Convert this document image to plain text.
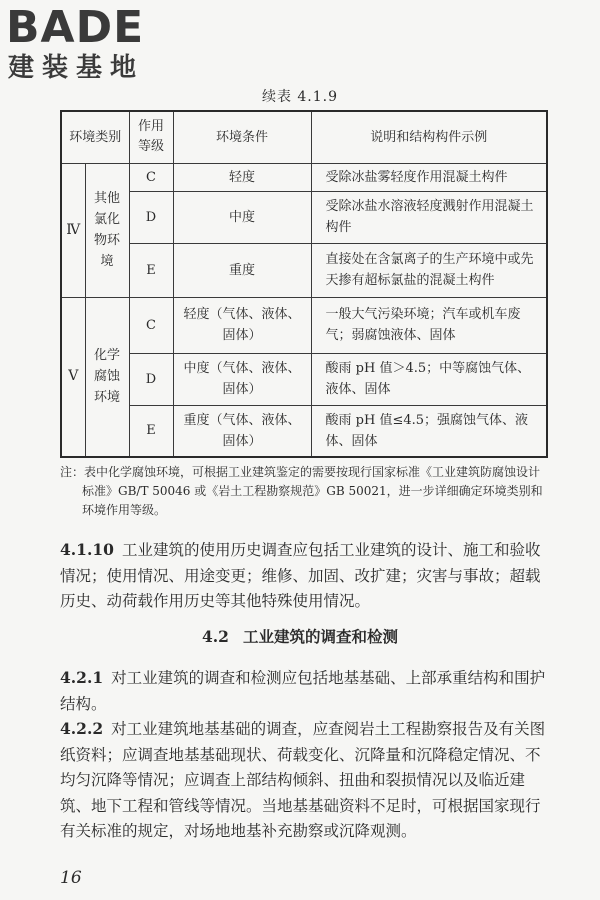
BADE
建装基地
续表 4.1.9
环境类别		作用等级	环境条件	说明和结构构件示例
Ⅳ	其他氯化物环境	C	轻度	受除冰盐雾轻度作用混凝土构件
		D	中度	受除冰盐水溶液轻度溅射作用混凝土构件
		E	重度	直接处在含氯离子的生产环境中或先天掺有超标氯盐的混凝土构件
Ⅴ	化学腐蚀环境	C	轻度（气体、液体、固体）	一般大气污染环境；汽车或机车废气；弱腐蚀液体、固体
		D	中度（气体、液体、固体）	酸雨 pH 值＞4.5；中等腐蚀气体、液体、固体
		E	重度（气体、液体、固体）	酸雨 pH 值≤4.5；强腐蚀气体、液体、固体
注： 表中化学腐蚀环境，可根据工业建筑鉴定的需要按现行国家标准《工业建筑防腐蚀设计标准》GB/T 50046 或《岩土工程勘察规范》GB 50021，进一步详细确定环境类别和环境作用等级。
4.1.10 工业建筑的使用历史调查应包括工业建筑的设计、施工和验收情况；使用情况、用途变更；维修、加固、改扩建；灾害与事故；超载历史、动荷载作用历史等其他特殊使用情况。
4.2 工业建筑的调查和检测
4.2.1 对工业建筑的调查和检测应包括地基基础、上部承重结构和围护结构。
4.2.2 对工业建筑地基基础的调查，应查阅岩土工程勘察报告及有关图纸资料；应调查地基基础现状、荷载变化、沉降量和沉降稳定情况、不均匀沉降等情况；应调查上部结构倾斜、扭曲和裂损情况以及临近建筑、地下工程和管线等情况。当地基基础资料不足时，可根据国家现行有关标准的规定，对场地地基补充勘察或沉降观测。
16
